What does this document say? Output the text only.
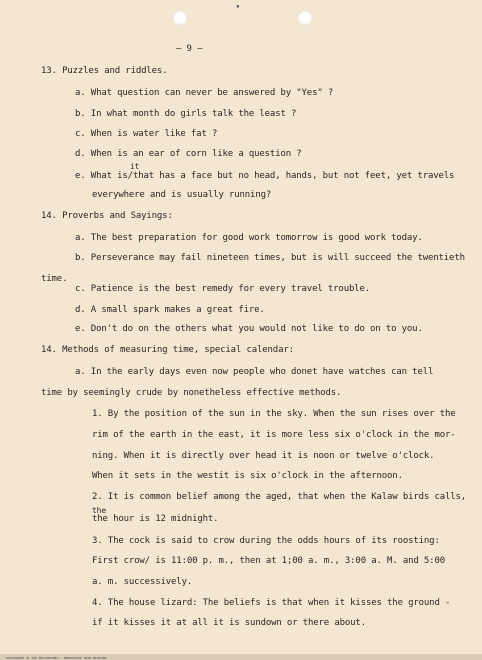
▪
— 9 —
13. Puzzles and riddles.
a. What question can never be answered by "Yes" ?
b. In what month do girls talk the least ?
c. When is water like fat ?
d. When is an ear of corn like a question ?
it
e. What is/that has a face but no head, hands, but not feet, yet travels
everywhere and is usually running?
14. Proverbs and Sayings:
a. The best preparation for good work tomorrow is good work today.
b. Perseverance may fail nineteen times, but is will succeed the twentieth
time.
c. Patience is the best remedy for every travel trouble.
d. A small spark makes a great fire.
e. Don't do on the others what you would not like to do on to you.
14. Methods of measuring time, special calendar:
a. In the early days even now people who donet have watches can tell
time by seemingly crude by nonetheless effective methods.
1. By the position of the sun in the sky. When the sun rises over the
rim of the earth in the east, it is more less six o'clock in the mor-
ning. When it is directly over head it is noon or twelve o'clock.
When it sets in the westit is six o'clock in the afternoon.
2. It is common belief among the aged, that when the Kalaw birds calls,
the
the hour is 12 midnight.
3. The cock is said to crow during the odds hours of its roosting:
First crow/ is 11:00 p. m., then at 1;00 a. m., 3:00 a. M. and 5:00
a. m. successively.
4. The house lizard: The beliefs is that when it kisses the ground -
if it kisses it at all it is sundown or there about.
PHOTOGRAPH OF THE PHILIPPINES · REPRODUCED FROM ORIGINAL
